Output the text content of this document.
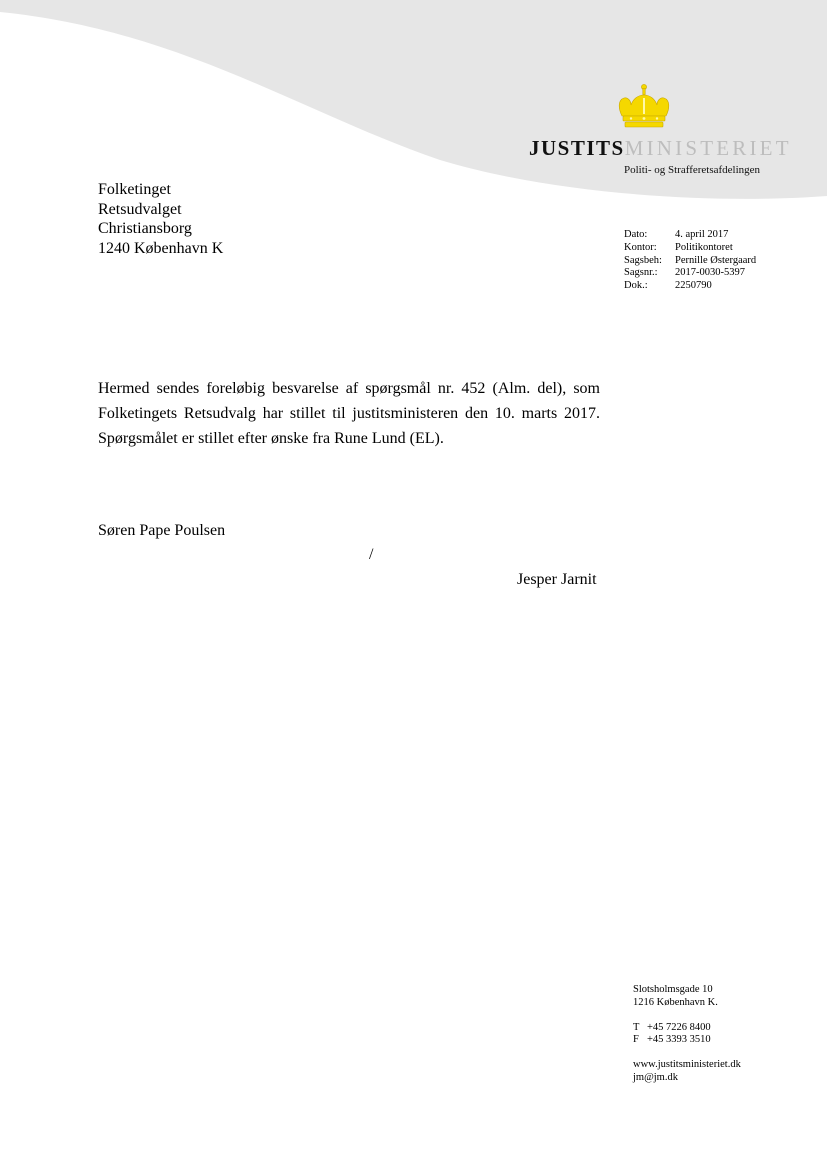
JUSTITSMINISTERIET
Politi- og Strafferetsafdelingen
Folketinget
Retsudvalget
Christiansborg
1240 København K
Dato:	4. april 2017
Kontor:	Politikontoret
Sagsbeh:	Pernille Østergaard
Sagsnr.:	2017-0030-5397
Dok.:	2250790
Hermed sendes foreløbig besvarelse af spørgsmål nr. 452 (Alm. del), som Folketingets Retsudvalg har stillet til justitsministeren den 10. marts 2017. Spørgsmålet er stillet efter ønske fra Rune Lund (EL).
Søren Pape Poulsen
/
Jesper Jarnit
Slotsholmsgade 10
1216 København K.
T +45 7226 8400
F +45 3393 3510
www.justitsministeriet.dk
jm@jm.dk
